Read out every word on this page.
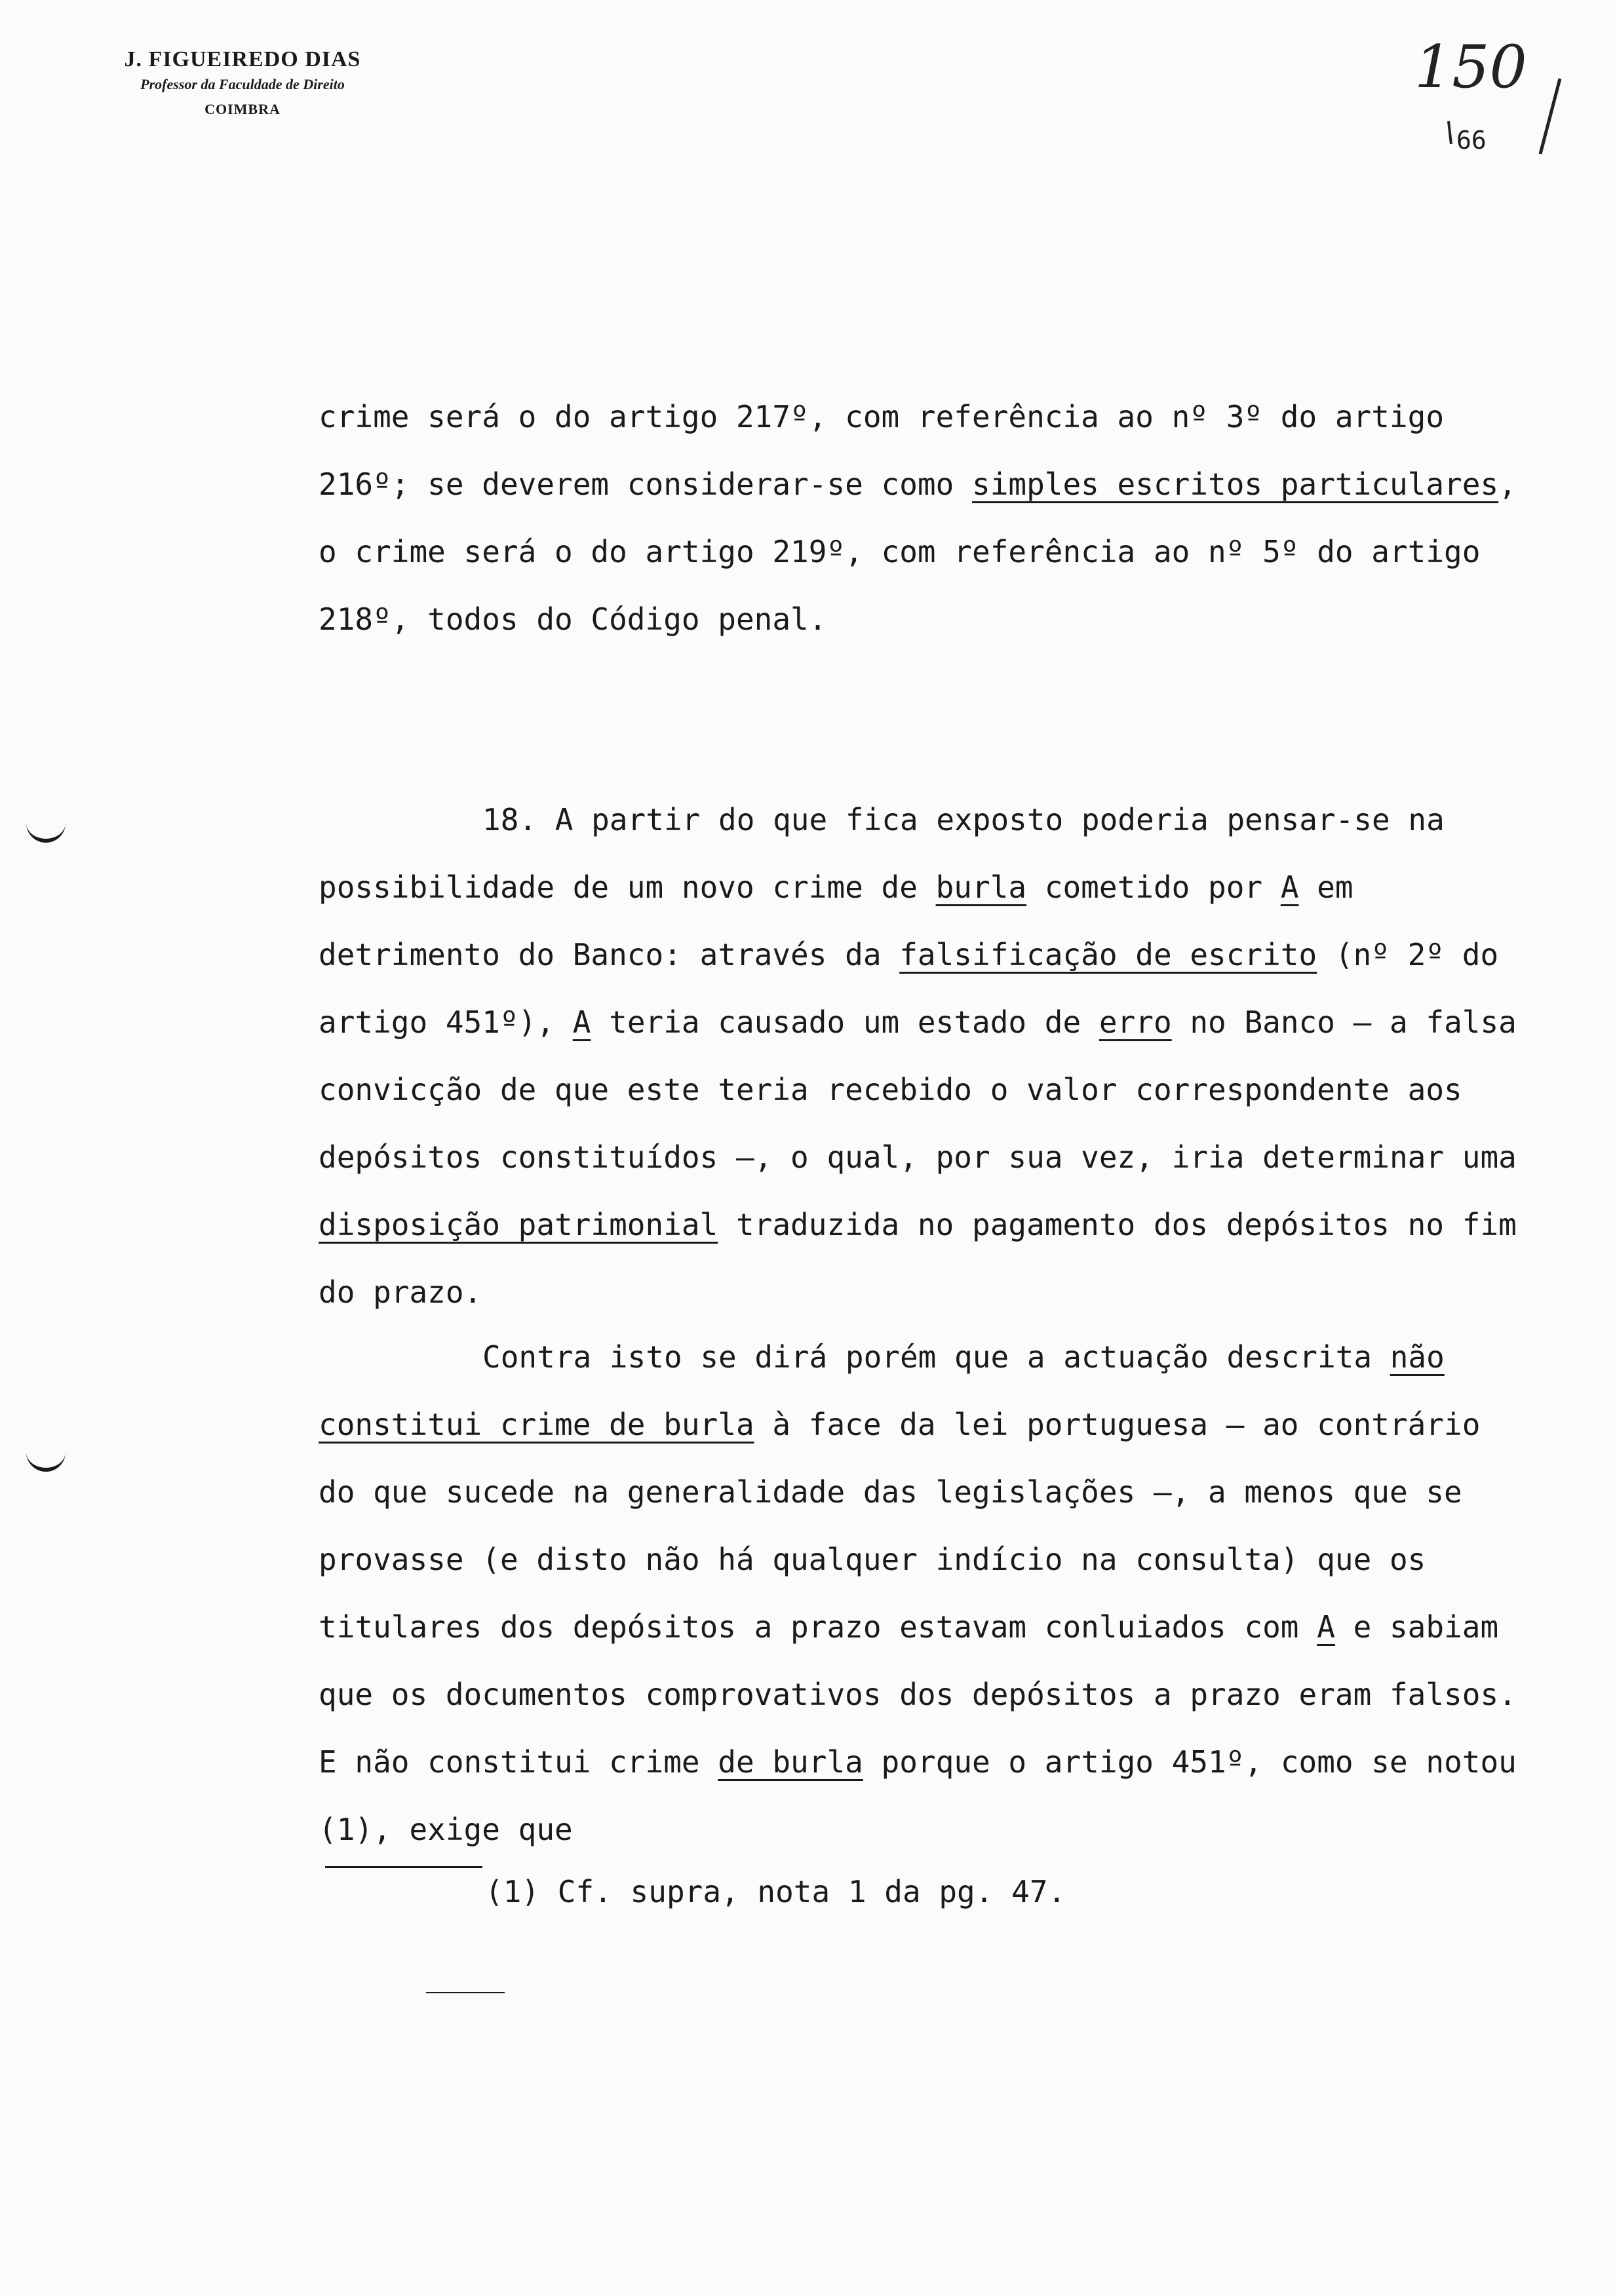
J. FIGUEIREDO DIAS
Professor da Faculdade de Direito
COIMBRA
150
66

crime será o do artigo 217º, com referência ao nº 3º do artigo 216º; se deverem considerar-se como simples escritos particulares, o crime será o do artigo 219º, com referência ao nº 5º do artigo 218º, todos do Código penal.

18. A partir do que fica exposto poderia pensar-se na possibilidade de um novo crime de burla cometido por A em detrimento do Banco: através da falsificação de escrito (nº 2º do artigo 451º), A teria causado um estado de erro no Banco — a falsa convicção de que este teria recebido o valor correspondente aos depósitos constituídos —, o qual, por sua vez, iria determinar uma disposição patrimonial traduzida no pagamento dos depósitos no fim do prazo.

Contra isto se dirá porém que a actuação descrita não constitui crime de burla à face da lei portuguesa — ao contrário do que sucede na generalidade das legislações —, a menos que se provasse (e disto não há qualquer indício na consulta) que os titulares dos depósitos a prazo estavam conluiados com A e sabiam que os documentos comprovativos dos depósitos a prazo eram falsos. E não constitui crime de burla porque o artigo 451º, como se notou (1), exige que

(1) Cf. supra, nota 1 da pg. 47.
